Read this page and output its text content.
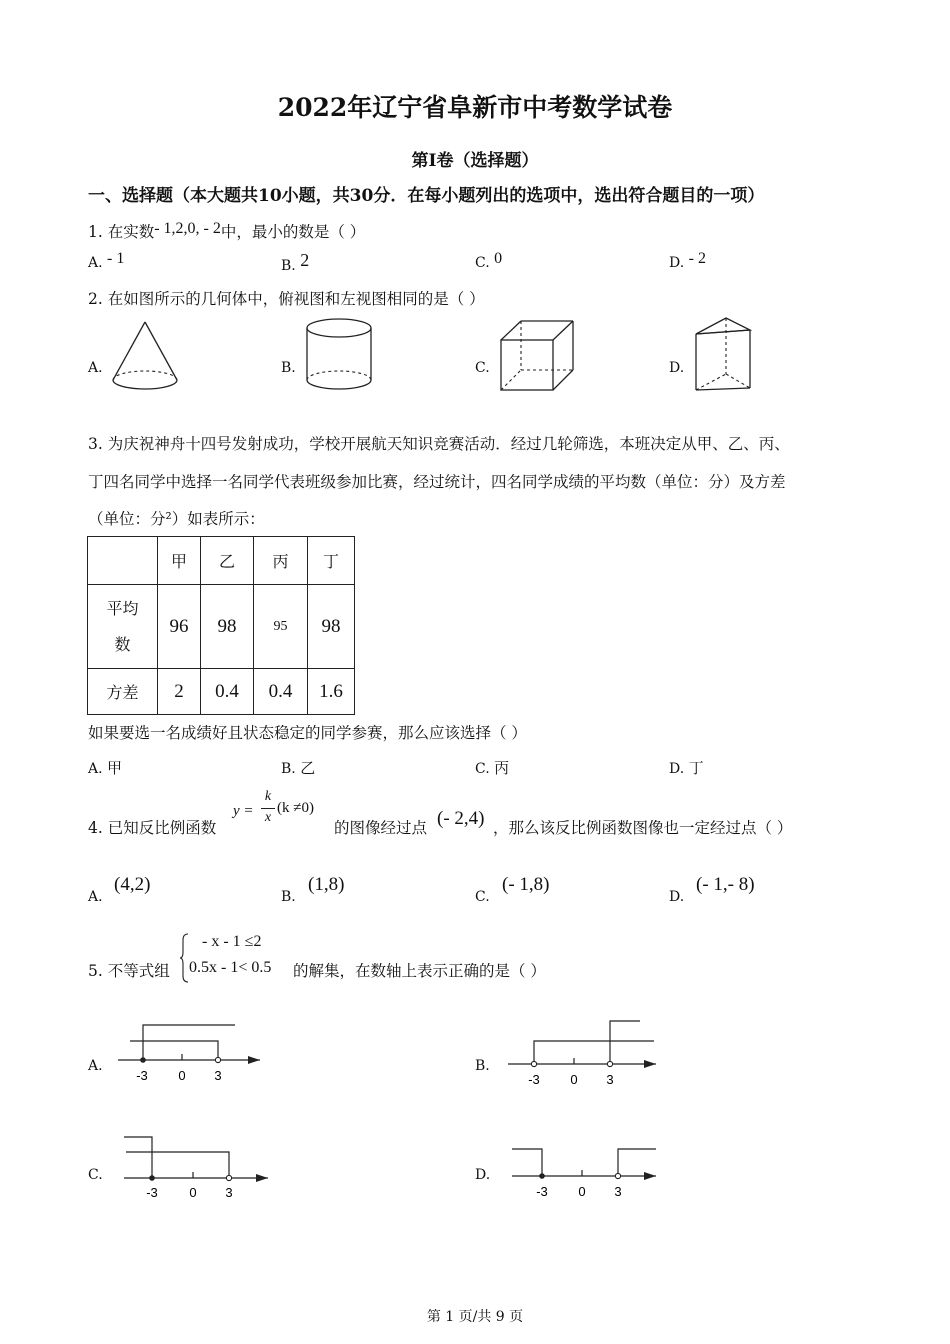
2022年辽宁省阜新市中考数学试卷
第Ⅰ卷（选择题）
一、选择题（本大题共10小题，共30分．在每小题列出的选项中，选出符合题目的一项）
1. 在实数- 1,2,0, - 2中，最小的数是（ ）
A. - 1	B. 2	C. 0	D. - 2
2. 在如图所示的几何体中，俯视图和左视图相同的是（ ）
A.	B.	C.	D.
3. 为庆祝神舟十四号发射成功，学校开展航天知识竞赛活动．经过几轮筛选，本班决定从甲、乙、丙、
丁四名同学中选择一名同学代表班级参加比赛，经过统计，四名同学成绩的平均数（单位：分）及方差
（单位：分²）如表所示：
	甲	乙	丙	丁

平均
数	96	98	95	98
方差	2	0.4	0.4	1.6
如果要选一名成绩好且状态稳定的同学参赛，那么应该选择（ ）
A. 甲	B. 乙	C. 丙	D. 丁
4. 已知反比例函数
y =
k
x
(k ≠0)
的图像经过点 (- 2,4) ，那么该反比例函数图像也一定经过点（ ）
A.
(4,2)
B.
(1,8)
C.
(- 1,8)
D.
(- 1,- 8)
5. 不等式组
- x - 1 ≤2
0.5x - 1< 0.5 的解集，在数轴上表示正确的是（ ）
A.	B.
C.	D.
-3 0 3	-3 0 3
-3 0 3	-3 0 3
第 1 页/共 9 页
